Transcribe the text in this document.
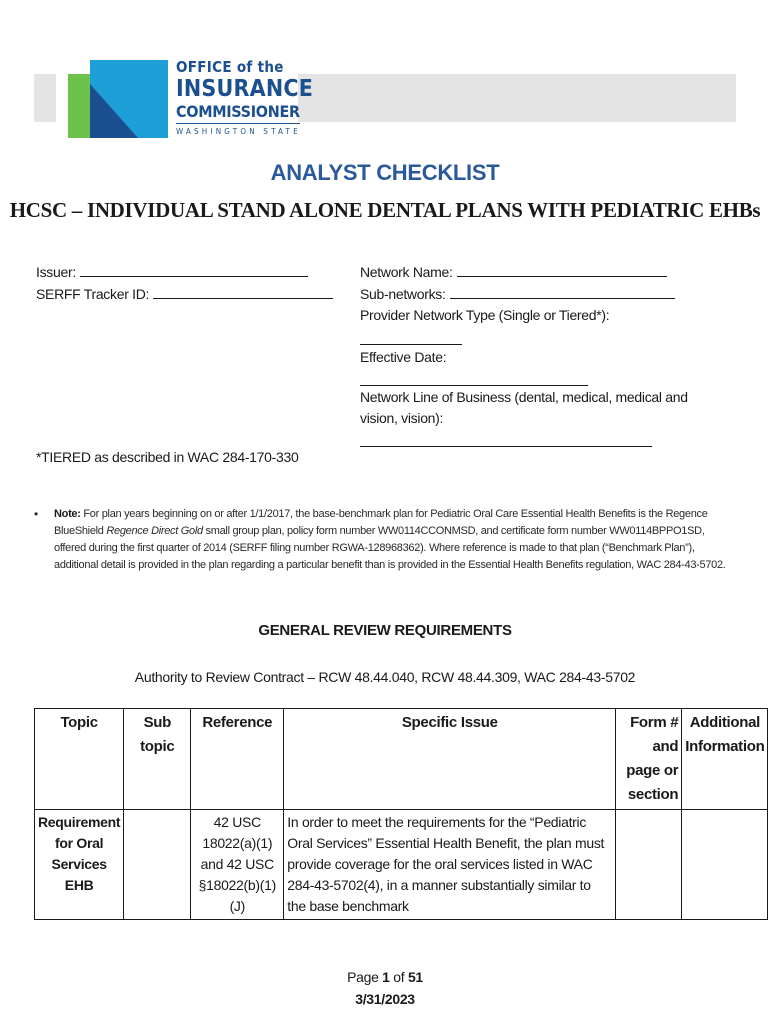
OFFICE of the
INSURANCE
COMMISSIONER
WASHINGTON STATE
ANALYST CHECKLIST
HCSC – INDIVIDUAL STAND ALONE DENTAL PLANS WITH PEDIATRIC EHBs
Issuer:
SERFF Tracker ID:
*TIERED as described in WAC 284-170-330
Network Name:
Sub-networks:
Provider Network Type (Single or Tiered*):
Effective Date:
Network Line of Business (dental, medical, medical and
vision, vision):
• Note: For plan years beginning on or after 1/1/2017, the base-benchmark plan for Pediatric Oral Care Essential Health Benefits is the Regence BlueShield Regence Direct Gold small group plan, policy form number WW0114CCONMSD, and certificate form number WW0114BPPO1SD, offered during the first quarter of 2014 (SERFF filing number RGWA-128968362). Where reference is made to that plan (“Benchmark Plan”), additional detail is provided in the plan regarding a particular benefit than is provided in the Essential Health Benefits regulation, WAC 284-43-5702.
GENERAL REVIEW REQUIREMENTS
Authority to Review Contract – RCW 48.44.040, RCW 48.44.309, WAC 284-43-5702
Topic	Sub topic	Reference	Specific Issue	Form # and page or section	Additional Information
Requirement for Oral Services EHB		42 USC 18022(a)(1) and 42 USC §18022(b)(1)(J)	In order to meet the requirements for the “Pediatric Oral Services” Essential Health Benefit, the plan must provide coverage for the oral services listed in WAC 284-43-5702(4), in a manner substantially similar to the base benchmark		
Page 1 of 51
3/31/2023
